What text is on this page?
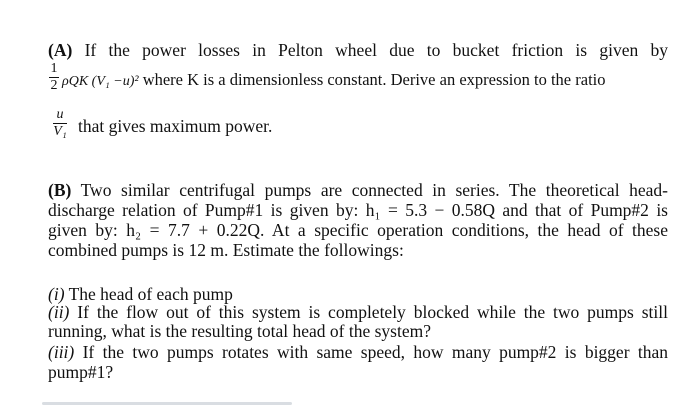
(A) If the power losses in Pelton wheel due to bucket friction is given by
1
2 ρQK (V₁ −u)² where K is a dimensionless constant. Derive an expression to the ratio
u
V₁ that gives maximum power.
(B) Two similar centrifugal pumps are connected in series. The theoretical head-
discharge relation of Pump#1 is given by: h₁ = 5.3 − 0.58Q and that of Pump#2 is
given by: h₂ = 7.7 + 0.22Q. At a specific operation conditions, the head of these
combined pumps is 12 m. Estimate the followings:
(i) The head of each pump
(ii) If the flow out of this system is completely blocked while the two pumps still
running, what is the resulting total head of the system?
(iii) If the two pumps rotates with same speed, how many pump#2 is bigger than
pump#1?
